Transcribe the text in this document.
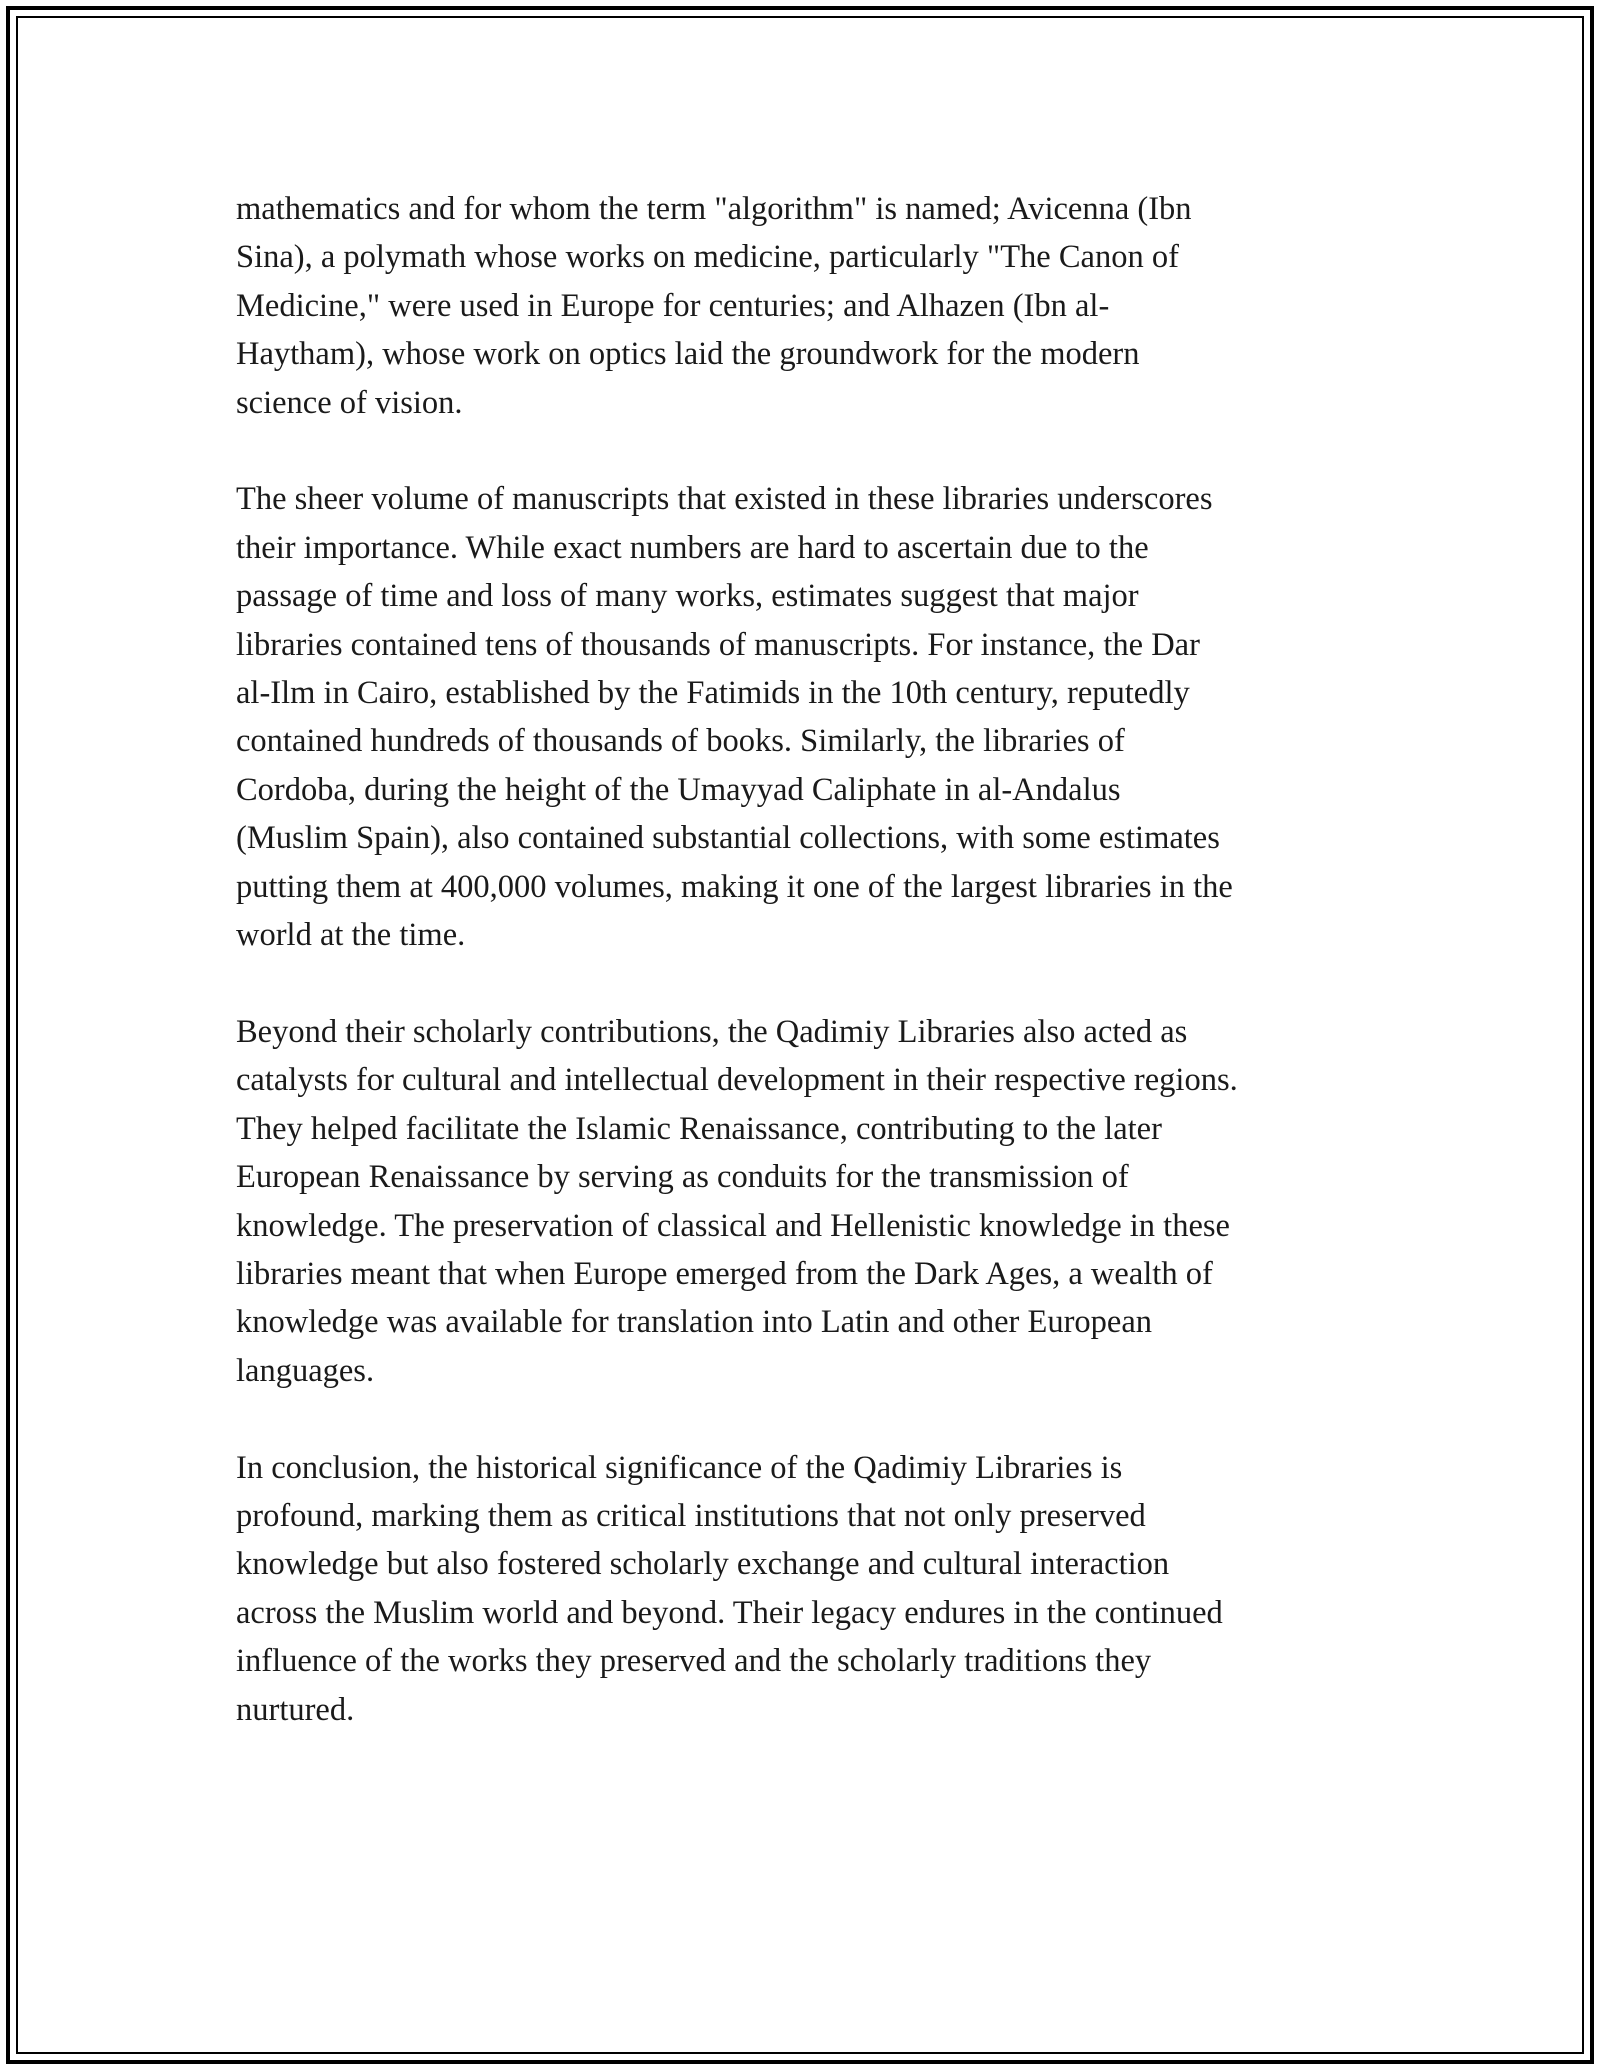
mathematics and for whom the term "algorithm" is named; Avicenna (Ibn
Sina), a polymath whose works on medicine, particularly "The Canon of
Medicine," were used in Europe for centuries; and Alhazen (Ibn al-
Haytham), whose work on optics laid the groundwork for the modern
science of vision.

The sheer volume of manuscripts that existed in these libraries underscores
their importance. While exact numbers are hard to ascertain due to the
passage of time and loss of many works, estimates suggest that major
libraries contained tens of thousands of manuscripts. For instance, the Dar
al-Ilm in Cairo, established by the Fatimids in the 10th century, reputedly
contained hundreds of thousands of books. Similarly, the libraries of
Cordoba, during the height of the Umayyad Caliphate in al-Andalus
(Muslim Spain), also contained substantial collections, with some estimates
putting them at 400,000 volumes, making it one of the largest libraries in the
world at the time.

Beyond their scholarly contributions, the Qadimiy Libraries also acted as
catalysts for cultural and intellectual development in their respective regions.
They helped facilitate the Islamic Renaissance, contributing to the later
European Renaissance by serving as conduits for the transmission of
knowledge. The preservation of classical and Hellenistic knowledge in these
libraries meant that when Europe emerged from the Dark Ages, a wealth of
knowledge was available for translation into Latin and other European
languages.

In conclusion, the historical significance of the Qadimiy Libraries is
profound, marking them as critical institutions that not only preserved
knowledge but also fostered scholarly exchange and cultural interaction
across the Muslim world and beyond. Their legacy endures in the continued
influence of the works they preserved and the scholarly traditions they
nurtured.
